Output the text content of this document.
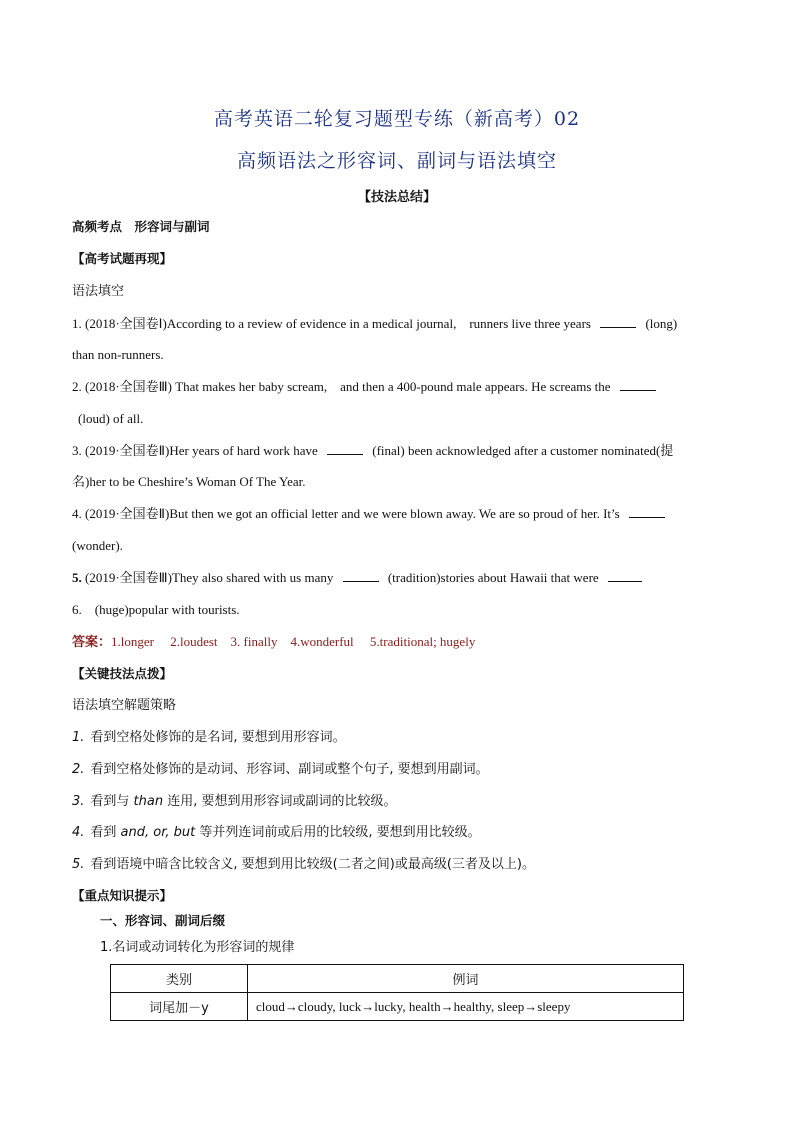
高考英语二轮复习题型专练（新高考）02
高频语法之形容词、副词与语法填空
【技法总结】
高频考点　形容词与副词
【高考试题再现】
语法填空
1. (2018·全国卷Ⅰ)According to a review of evidence in a medical journal,　runners live three years	(long)
than non-runners.
2. (2018·全国卷Ⅲ) That makes her baby scream,　and then a 400-pound male appears. He screams the
(loud) of all.
3. (2019·全国卷Ⅱ)Her years of hard work have	(final) been acknowledged after a customer nominated(提
名)her to be Cheshire’s Woman Of The Year.
4. (2019·全国卷Ⅱ)But then we got an official letter and we were blown away. We are so proud of her. It’s
(wonder).
5. (2019·全国卷Ⅲ)They also shared with us many	(tradition)stories about Hawaii that were
6.　(huge)popular with tourists.
答案：1.longer　 2.loudest　3. finally　4.wonderful　 5.traditional; hugely
【关键技法点拨】
语法填空解题策略
1. 看到空格处修饰的是名词, 要想到用形容词。
2. 看到空格处修饰的是动词、形容词、副词或整个句子, 要想到用副词。
3. 看到与 than 连用, 要想到用形容词或副词的比较级。
4. 看到 and, or, but 等并列连词前或后用的比较级, 要想到用比较级。
5. 看到语境中暗含比较含义, 要想到用比较级(二者之间)或最高级(三者及以上)。
【重点知识提示】
一、形容词、副词后缀
1.名词或动词转化为形容词的规律
类别	例词
词尾加－y	cloud→cloudy, luck→lucky, health→healthy, sleep→sleepy
